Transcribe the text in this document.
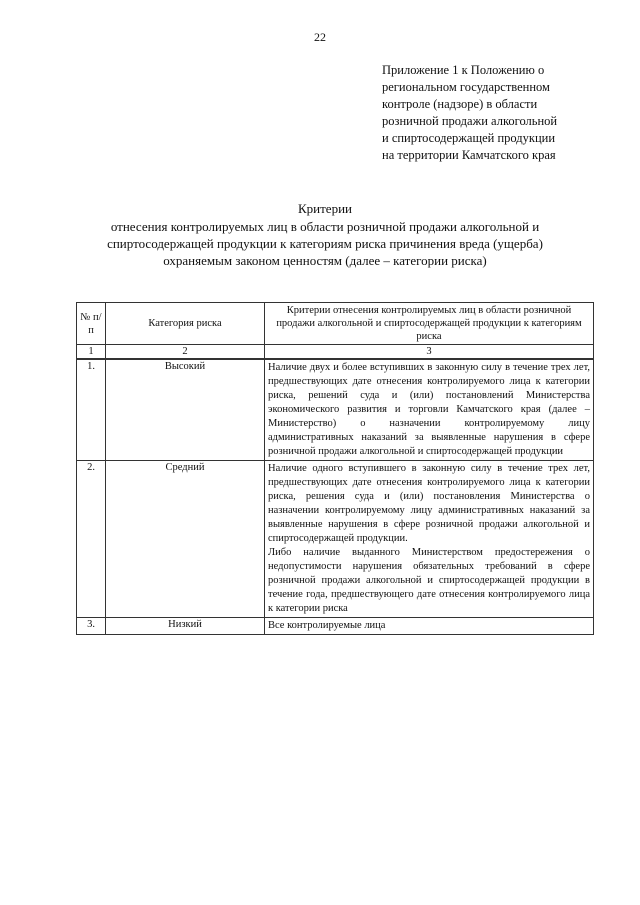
22
Приложение 1 к Положению о
региональном государственном
контроле (надзоре) в области
розничной продажи алкогольной
и спиртосодержащей продукции
на территории Камчатского края
Критерии
отнесения контролируемых лиц в области розничной продажи алкогольной и
спиртосодержащей продукции к категориям риска причинения вреда (ущерба)
охраняемым законом ценностям (далее – категории риска)
№ п/п	Категория риска	Критерии отнесения контролируемых лиц в области розничной продажи алкогольной и спиртосодержащей продукции к категориям риска
1	2	3
1.	Высокий	Наличие двух и более вступивших в законную силу в течение трех лет, предшествующих дате отнесения контролируемого лица к категории риска, решений суда и (или) постановлений Министерства экономического развития и торговли Камчатского края (далее – Министерство) о назначении контролируемому лицу административных наказаний за выявленные нарушения в сфере розничной продажи алкогольной и спиртосодержащей продукции

2.	Средний	Наличие одного вступившего в законную силу в течение трех лет, предшествующих дате отнесения контролируемого лица к категории риска, решения суда и (или) постановления Министерства о назначении контролируемому лицу административных наказаний за выявленные нарушения в сфере розничной продажи алкогольной и спиртосодержащей продукции.

Либо наличие выданного Министерством предостережения о недопустимости нарушения обязательных требований в сфере розничной продажи алкогольной и спиртосодержащей продукции в течение года, предшествующего дате отнесения контролируемого лица к категории риска

3.	Низкий	Все контролируемые лица
